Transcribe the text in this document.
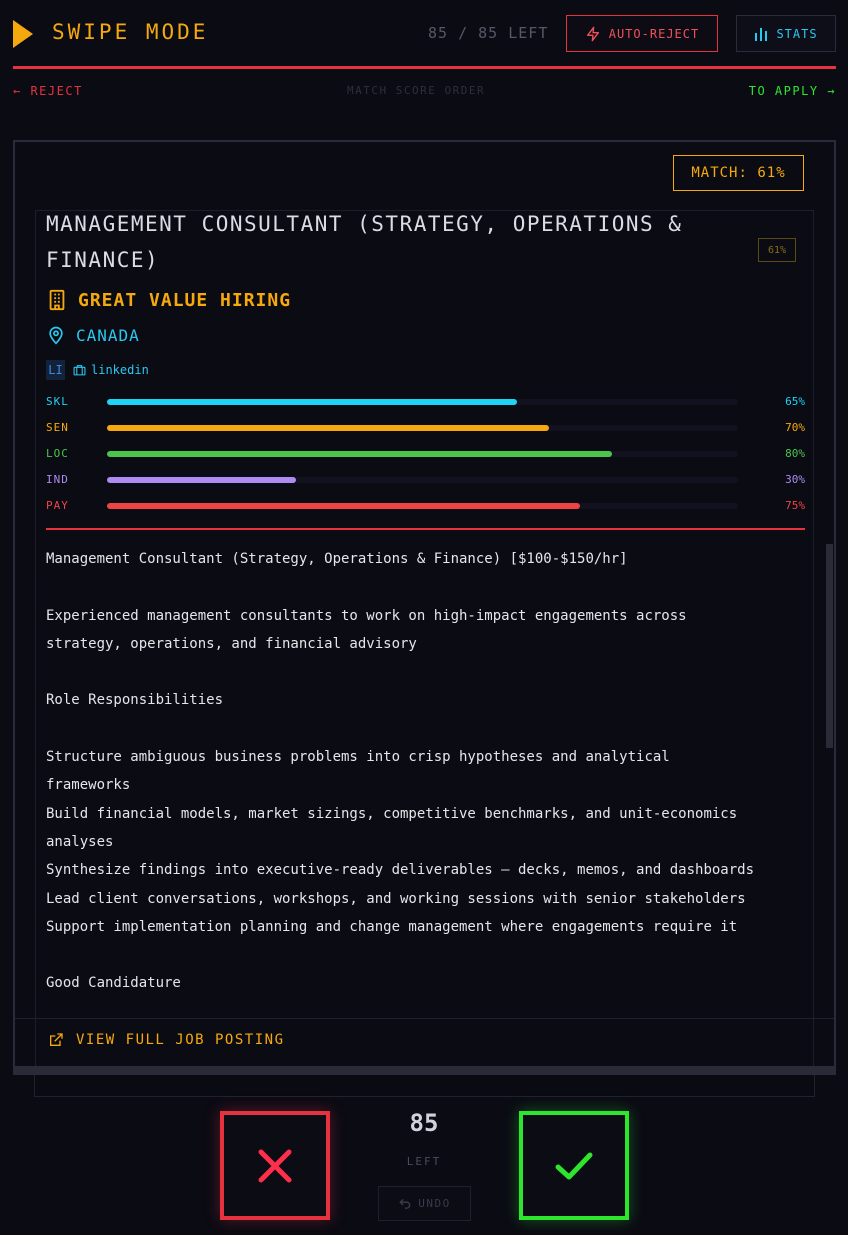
SWIPE MODE	85 / 85 LEFT	AUTO-REJECT	STATS
← REJECT	MATCH SCORE ORDER	TO APPLY →
MATCH: 61%
MANAGEMENT CONSULTANT (STRATEGY, OPERATIONS & FINANCE)	61%
GREAT VALUE HIRING
CANADA
LI linkedin
SKL	65%
SEN	70%
LOC	80%
IND	30%
PAY	75%
Management Consultant (Strategy, Operations & Finance) [$100-$150/hr]

Experienced management consultants to work on high-impact engagements across
strategy, operations, and financial advisory

Role Responsibilities

Structure ambiguous business problems into crisp hypotheses and analytical
frameworks
Build financial models, market sizings, competitive benchmarks, and unit-economics
analyses
Synthesize findings into executive-ready deliverables — decks, memos, and dashboards
Lead client conversations, workshops, and working sessions with senior stakeholders
Support implementation planning and change management where engagements require it

Good Candidature
VIEW FULL JOB POSTING
85
LEFT
UNDO
